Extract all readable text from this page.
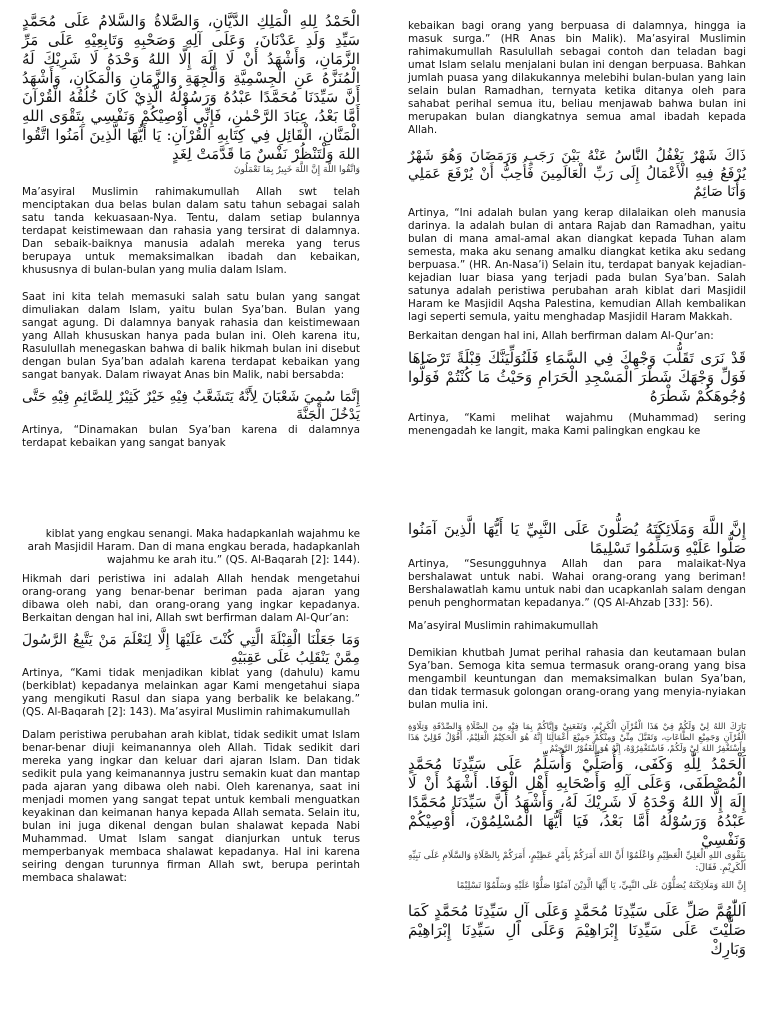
الْحَمْدُ لِلهِ الْمَلِكِ الدَّيَّانِ، وَالصَّلاةُ وَالسَّلامُ عَلَى مُحَمَّدٍ سَيِّدِ وَلَدِ عَدْنَانَ، وَعَلَى آلِهِ وَصَحْبِهِ وَتَابِعِيْهِ عَلَى مَرِّ الزَّمَانِ، وَأَشْهَدُ أَنْ لَا إِلَهَ إِلَّا اللهُ وَحْدَهُ لَا شَرِيْكَ لَهُ الْمُنَزَّهُ عَنِ الْجِسْمِيَّةِ وَالْجِهَةِ وَالزَّمَانِ وَالْمَكَانِ، وَأَشْهَدُ أَنَّ سَيِّدَنَا مُحَمَّدًا عَبْدُهُ وَرَسُوْلُهُ الَّذِيْ كَانَ خُلُقُهُ الْقُرْآنَ أَمَّا بَعْدُ، عِبَادَ الرَّحْمٰنِ، فَإِنِّي أُوْصِيْكُمْ وَنَفْسِي بِتَقْوَى اللهِ الْمَنَّانِ، الْقَائِلِ فِي كِتَابِهِ الْقُرْآنِ: يَا أَيُّهَا الَّذِينَ آمَنُوا اتَّقُوا اللهَ وَلْتَنْظُرْ نَفْسٌ مَا قَدَّمَتْ لِغَدٍ

وَاتَّقُوا اللَّهَ إِنَّ اللَّهَ خَبِيرٌ بِمَا تَعْمَلُونَ

Ma’asyiral Muslimin rahimakumullah Allah swt telah menciptakan dua belas bulan dalam satu tahun sebagai salah satu tanda kekuasaan-Nya. Tentu, dalam setiap bulannya terdapat keistimewaan dan rahasia yang tersirat di dalamnya. Dan sebaik-baiknya manusia adalah mereka yang terus berupaya untuk memaksimalkan ibadah dan kebaikan, khususnya di bulan-bulan yang mulia dalam Islam.

Saat ini kita telah memasuki salah satu bulan yang sangat dimuliakan dalam Islam, yaitu bulan Sya’ban. Bulan yang sangat agung. Di dalamnya banyak rahasia dan keistimewaan yang Allah khususkan hanya pada bulan ini. Oleh karena itu, Rasulullah menegaskan bahwa di balik hikmah bulan ini disebut dengan bulan Sya’ban adalah karena terdapat kebaikan yang sangat banyak. Dalam riwayat Anas bin Malik, nabi bersabda:

إِنَّمَا سُمِيَ شَعْبَانَ لِأَنَّهُ يَتَشَعَّبُ فِيْهِ خَيْرٌ كَثِيْرٌ لِلصَّائِمِ فِيْهِ حَتَّى يَدْخُلَ الْجَنَّةَ

Artinya, “Dinamakan bulan Sya’ban karena di dalamnya terdapat kebaikan yang sangat banyak

kebaikan bagi orang yang berpuasa di dalamnya, hingga ia masuk surga.” (HR Anas bin Malik). Ma’asyiral Muslimin rahimakumullah Rasulullah sebagai contoh dan teladan bagi umat Islam selalu menjalani bulan ini dengan berpuasa. Bahkan jumlah puasa yang dilakukannya melebihi bulan-bulan yang lain selain bulan Ramadhan, ternyata ketika ditanya oleh para sahabat perihal semua itu, beliau menjawab bahwa bulan ini merupakan bulan diangkatnya semua amal ibadah kepada Allah.

ذَاكَ شَهْرٌ يَغْفُلُ النَّاسُ عَنْهُ بَيْنَ رَجَبٍ وَرَمَضَانَ وَهُوَ شَهْرٌ يُرْفَعُ فِيهِ الْأَعْمَالُ إِلَى رَبِّ الْعَالَمِينَ فَأُحِبُّ أَنْ يُرْفَعَ عَمَلِي وَأَنَا صَائِمٌ

Artinya, “Ini adalah bulan yang kerap dilalaikan oleh manusia darinya. Ia adalah bulan di antara Rajab dan Ramadhan, yaitu bulan di mana amal-amal akan diangkat kepada Tuhan alam semesta, maka aku senang amalku diangkat ketika aku sedang berpuasa.” (HR. An-Nasa’i) Selain itu, terdapat banyak kejadian-kejadian luar biasa yang terjadi pada bulan Sya’ban. Salah satunya adalah peristiwa perubahan arah kiblat dari Masjidil Haram ke Masjidil Aqsha Palestina, kemudian Allah kembalikan lagi seperti semula, yaitu menghadap Masjidil Haram Makkah.

Berkaitan dengan hal ini, Allah berfirman dalam Al-Qur’an:

قَدْ نَرَى تَقَلُّبَ وَجْهِكَ فِي السَّمَاءِ فَلَنُوَلِّيَنَّكَ قِبْلَةً تَرْضَاهَا فَوَلِّ وَجْهَكَ شَطْرَ الْمَسْجِدِ الْحَرَامِ وَحَيْثُ مَا كُنْتُمْ فَوَلُّوا وُجُوهَكُمْ شَطْرَهُ

Artinya, “Kami melihat wajahmu (Muhammad) sering menengadah ke langit, maka Kami palingkan engkau ke

kiblat yang engkau senangi. Maka hadapkanlah wajahmu ke arah Masjidil Haram. Dan di mana engkau berada, hadapkanlah wajahmu ke arah itu.” (QS. Al-Baqarah [2]: 144).

Hikmah dari peristiwa ini adalah Allah hendak mengetahui orang-orang yang benar-benar beriman pada ajaran yang dibawa oleh nabi, dan orang-orang yang ingkar kepadanya. Berkaitan dengan hal ini, Allah swt berfirman dalam Al-Qur’an:

وَمَا جَعَلْنَا الْقِبْلَةَ الَّتِي كُنْتَ عَلَيْهَا إِلَّا لِنَعْلَمَ مَنْ يَتَّبِعُ الرَّسُولَ مِمَّنْ يَنْقَلِبُ عَلَى عَقِبَيْهِ

Artinya, “Kami tidak menjadikan kiblat yang (dahulu) kamu (berkiblat) kepadanya melainkan agar Kami mengetahui siapa yang mengikuti Rasul dan siapa yang berbalik ke belakang.” (QS. Al-Baqarah [2]: 143). Ma’asyiral Muslimin rahimakumullah

Dalam peristiwa perubahan arah kiblat, tidak sedikit umat Islam benar-benar diuji keimanannya oleh Allah. Tidak sedikit dari mereka yang ingkar dan keluar dari ajaran Islam. Dan tidak sedikit pula yang keimanannya justru semakin kuat dan mantap pada ajaran yang dibawa oleh nabi. Oleh karenanya, saat ini menjadi momen yang sangat tepat untuk kembali menguatkan keyakinan dan keimanan hanya kepada Allah semata. Selain itu, bulan ini juga dikenal dengan bulan shalawat kepada Nabi Muhammad. Umat Islam sangat dianjurkan untuk terus memperbanyak membaca shalawat kepadanya. Hal ini karena seiring dengan turunnya firman Allah swt, berupa perintah membaca shalawat:

إِنَّ اللَّهَ وَمَلَائِكَتَهُ يُصَلُّونَ عَلَى النَّبِيِّ يَا أَيُّهَا الَّذِينَ آمَنُوا صَلُّوا عَلَيْهِ وَسَلِّمُوا تَسْلِيمًا

Artinya, “Sesungguhnya Allah dan para malaikat-Nya bershalawat untuk nabi. Wahai orang-orang yang beriman! Bershalawatlah kamu untuk nabi dan ucapkanlah salam dengan penuh penghormatan kepadanya.” (QS Al-Ahzab [33]: 56).

Ma’asyiral Muslimin rahimakumullah

Demikian khutbah Jumat perihal rahasia dan keutamaan bulan Sya’ban. Semoga kita semua termasuk orang-orang yang bisa mengambil keuntungan dan memaksimalkan bulan Sya’ban, dan tidak termasuk golongan orang-orang yang menyia-nyiakan bulan mulia ini.

بَارَكَ اللهُ لِيْ وَلَكُمْ فِيْ هَذَا الْقُرْآنِ الْكَرِيْمِ، وَنَفَعَنِيْ وَإِيَّاكُمْ بِمَا فِيْهِ مِنَ الصَّلَاةِ وَالصِّدْقَةِ وَتِلَاوَةِ الْقُرْآنِ وَجَمِيْعِ الطَّاعَاتِ، وَتَقَبَّلَ مِنِّيْ وَمِنْكُمْ جَمِيْعَ أَعْمَالِنَا إِنَّهُ هُوَ الْحَكِيْمُ الْعَلِيْمُ، أَقُوْلُ قَوْلِيْ هَذَا وَأَسْتَغْفِرُ اللهَ لِيْ وَلَكُمْ، فَاسْتَغْفِرُوْهُ، إِنَّهُ هُوَ الْغَفُوْرُ الرَّحِيْمُ

اَلْحَمْدُ لِلّٰهِ وَكَفَى، وَأُصَلِّيْ وَأُسَلِّمُ عَلَى سَيِّدِنَا مُحَمَّدٍ الْمُصْطَفَى، وَعَلَى آلِهِ وَأَصْحَابِهِ أَهْلِ الْوَفَا. أَشْهَدُ أَنْ لَا إِلَهَ إِلَّا اللهُ وَحْدَهُ لَا شَرِيْكَ لَهُ، وَأَشْهَدُ أَنَّ سَيِّدَنَا مُحَمَّدًا عَبْدُهُ وَرَسُوْلُهُ أَمَّا بَعْدُ، فَيَا أَيُّهَا الْمُسْلِمُوْنَ، أُوْصِيْكُمْ وَنَفْسِيْ

بِتَقْوَى اللهِ الْعَلِيِّ الْعَظِيْمِ وَاعْلَمُوْا أَنَّ اللهَ أَمَرَكُمْ بِأَمْرٍ عَظِيْمٍ، أَمَرَكُمْ بِالصَّلَاةِ وَالسَّلَامِ عَلَى نَبِيِّهِ الْكَرِيْمِ. فَقَالَ:

إِنَّ اللهَ وَمَلَائِكَتَهُ يُصَلُّوْنَ عَلَى النَّبِيِّ، يَا أَيُّهَا الَّذِيْنَ آمَنُوْا صَلُّوْا عَلَيْهِ وَسَلِّمُوْا تَسْلِيْمًا

اَللّٰهُمَّ صَلِّ عَلَى سَيِّدِنَا مُحَمَّدٍ وَعَلَى آلِ سَيِّدِنَا مُحَمَّدٍ كَمَا صَلَّيْتَ عَلَى سَيِّدِنَا إِبْرَاهِيْمَ وَعَلَى آلِ سَيِّدِنَا إِبْرَاهِيْمَ وَبَارِكْ
